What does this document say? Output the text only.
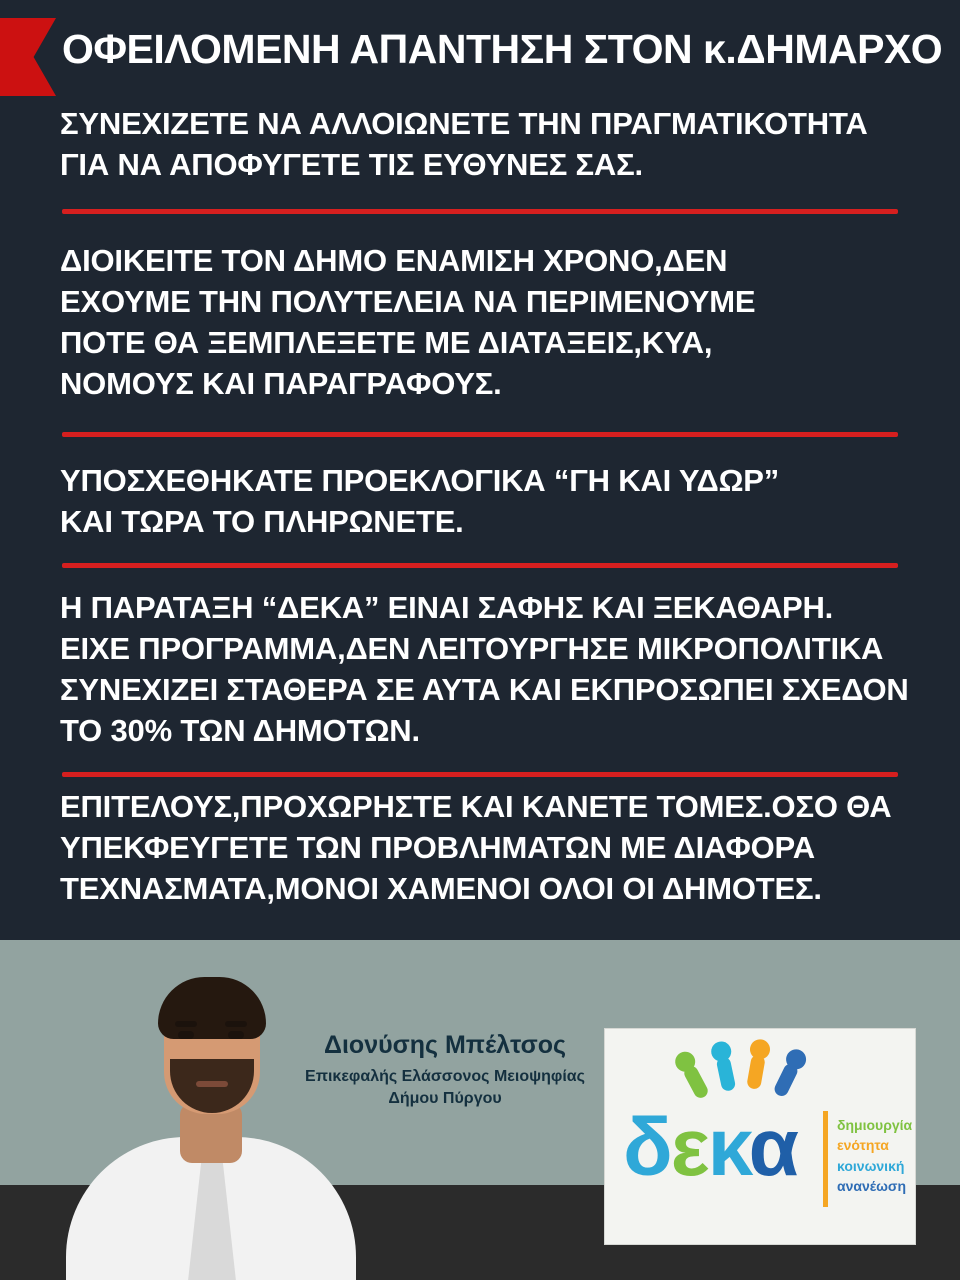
ΟΦΕΙΛΟΜΕΝΗ ΑΠΑΝΤΗΣΗ ΣΤΟΝ κ.ΔΗΜΑΡΧΟ
ΣΥΝΕΧΙΖΕΤΕ ΝΑ ΑΛΛΟΙΩΝΕΤΕ ΤΗΝ ΠΡΑΓΜΑΤΙΚΟΤΗΤΑ
ΓΙΑ ΝΑ ΑΠΟΦΥΓΕΤΕ ΤΙΣ ΕΥΘΥΝΕΣ ΣΑΣ.
ΔΙΟΙΚΕΙΤΕ ΤΟΝ ΔΗΜΟ ΕΝΑΜΙΣΗ ΧΡΟΝΟ,ΔΕΝ
ΕΧΟΥΜΕ ΤΗΝ ΠΟΛΥΤΕΛΕΙΑ ΝΑ ΠΕΡΙΜΕΝΟΥΜΕ
ΠΟΤΕ ΘΑ ΞΕΜΠΛΕΞΕΤΕ ΜΕ ΔΙΑΤΑΞΕΙΣ,ΚΥΑ,
ΝΟΜΟΥΣ ΚΑΙ ΠΑΡΑΓΡΑΦΟΥΣ.
ΥΠΟΣΧΕΘΗΚΑΤΕ ΠΡΟΕΚΛΟΓΙΚΑ “ΓΗ ΚΑΙ ΥΔΩΡ”
ΚΑΙ ΤΩΡΑ ΤΟ ΠΛΗΡΩΝΕΤΕ.
Η ΠΑΡΑΤΑΞΗ “ΔΕΚΑ” ΕΙΝΑΙ ΣΑΦΗΣ ΚΑΙ ΞΕΚΑΘΑΡΗ.
ΕΙΧΕ ΠΡΟΓΡΑΜΜΑ,ΔΕΝ ΛΕΙΤΟΥΡΓΗΣΕ ΜΙΚΡΟΠΟΛΙΤΙΚΑ
ΣΥΝΕΧΙΖΕΙ ΣΤΑΘΕΡΑ ΣΕ ΑΥΤΑ ΚΑΙ ΕΚΠΡΟΣΩΠΕΙ ΣΧΕΔΟΝ
ΤΟ 30% ΤΩΝ ΔΗΜΟΤΩΝ.
ΕΠΙΤΕΛΟΥΣ,ΠΡΟΧΩΡΗΣΤΕ ΚΑΙ ΚΑΝΕΤΕ ΤΟΜΕΣ.ΟΣΟ ΘΑ
ΥΠΕΚΦΕΥΓΕΤΕ ΤΩΝ ΠΡΟΒΛΗΜΑΤΩΝ ΜΕ ΔΙΑΦΟΡΑ
ΤΕΧΝΑΣΜΑΤΑ,ΜΟΝΟΙ ΧΑΜΕΝΟΙ ΟΛΟΙ ΟΙ ΔΗΜΟΤΕΣ.
Διονύσης Μπέλτσος
Επικεφαλής Ελάσσονος Μειοψηφίας
Δήμου Πύργου
δεκα	δημιουργία
ενότητα
κοινωνική
ανανέωση
